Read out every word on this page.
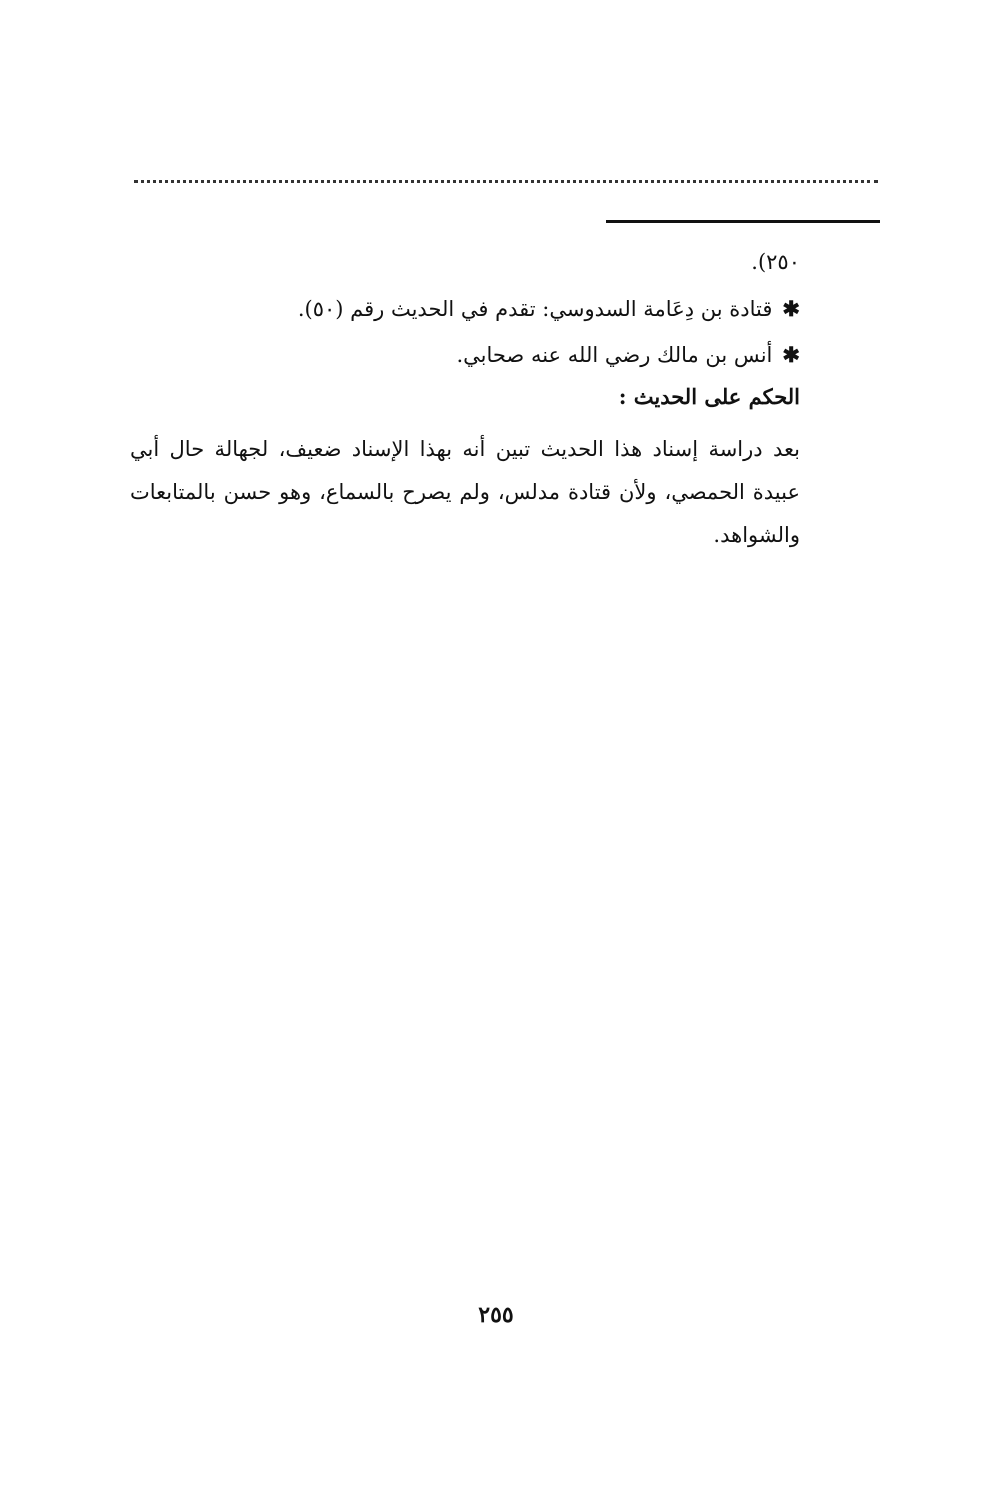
٢٥٠).
✱قتادة بن دِعَامة السدوسي: تقدم في الحديث رقم (٥٠).
✱أنس بن مالك رضي الله عنه صحابي.
الحكم على الحديث :
بعد دراسة إسناد هذا الحديث تبين أنه بهذا الإسناد ضعيف، لجهالة حال أبي عبيدة الحمصي، ولأن قتادة مدلس، ولم يصرح بالسماع، وهو حسن بالمتابعات والشواهد.
٢٥٥
